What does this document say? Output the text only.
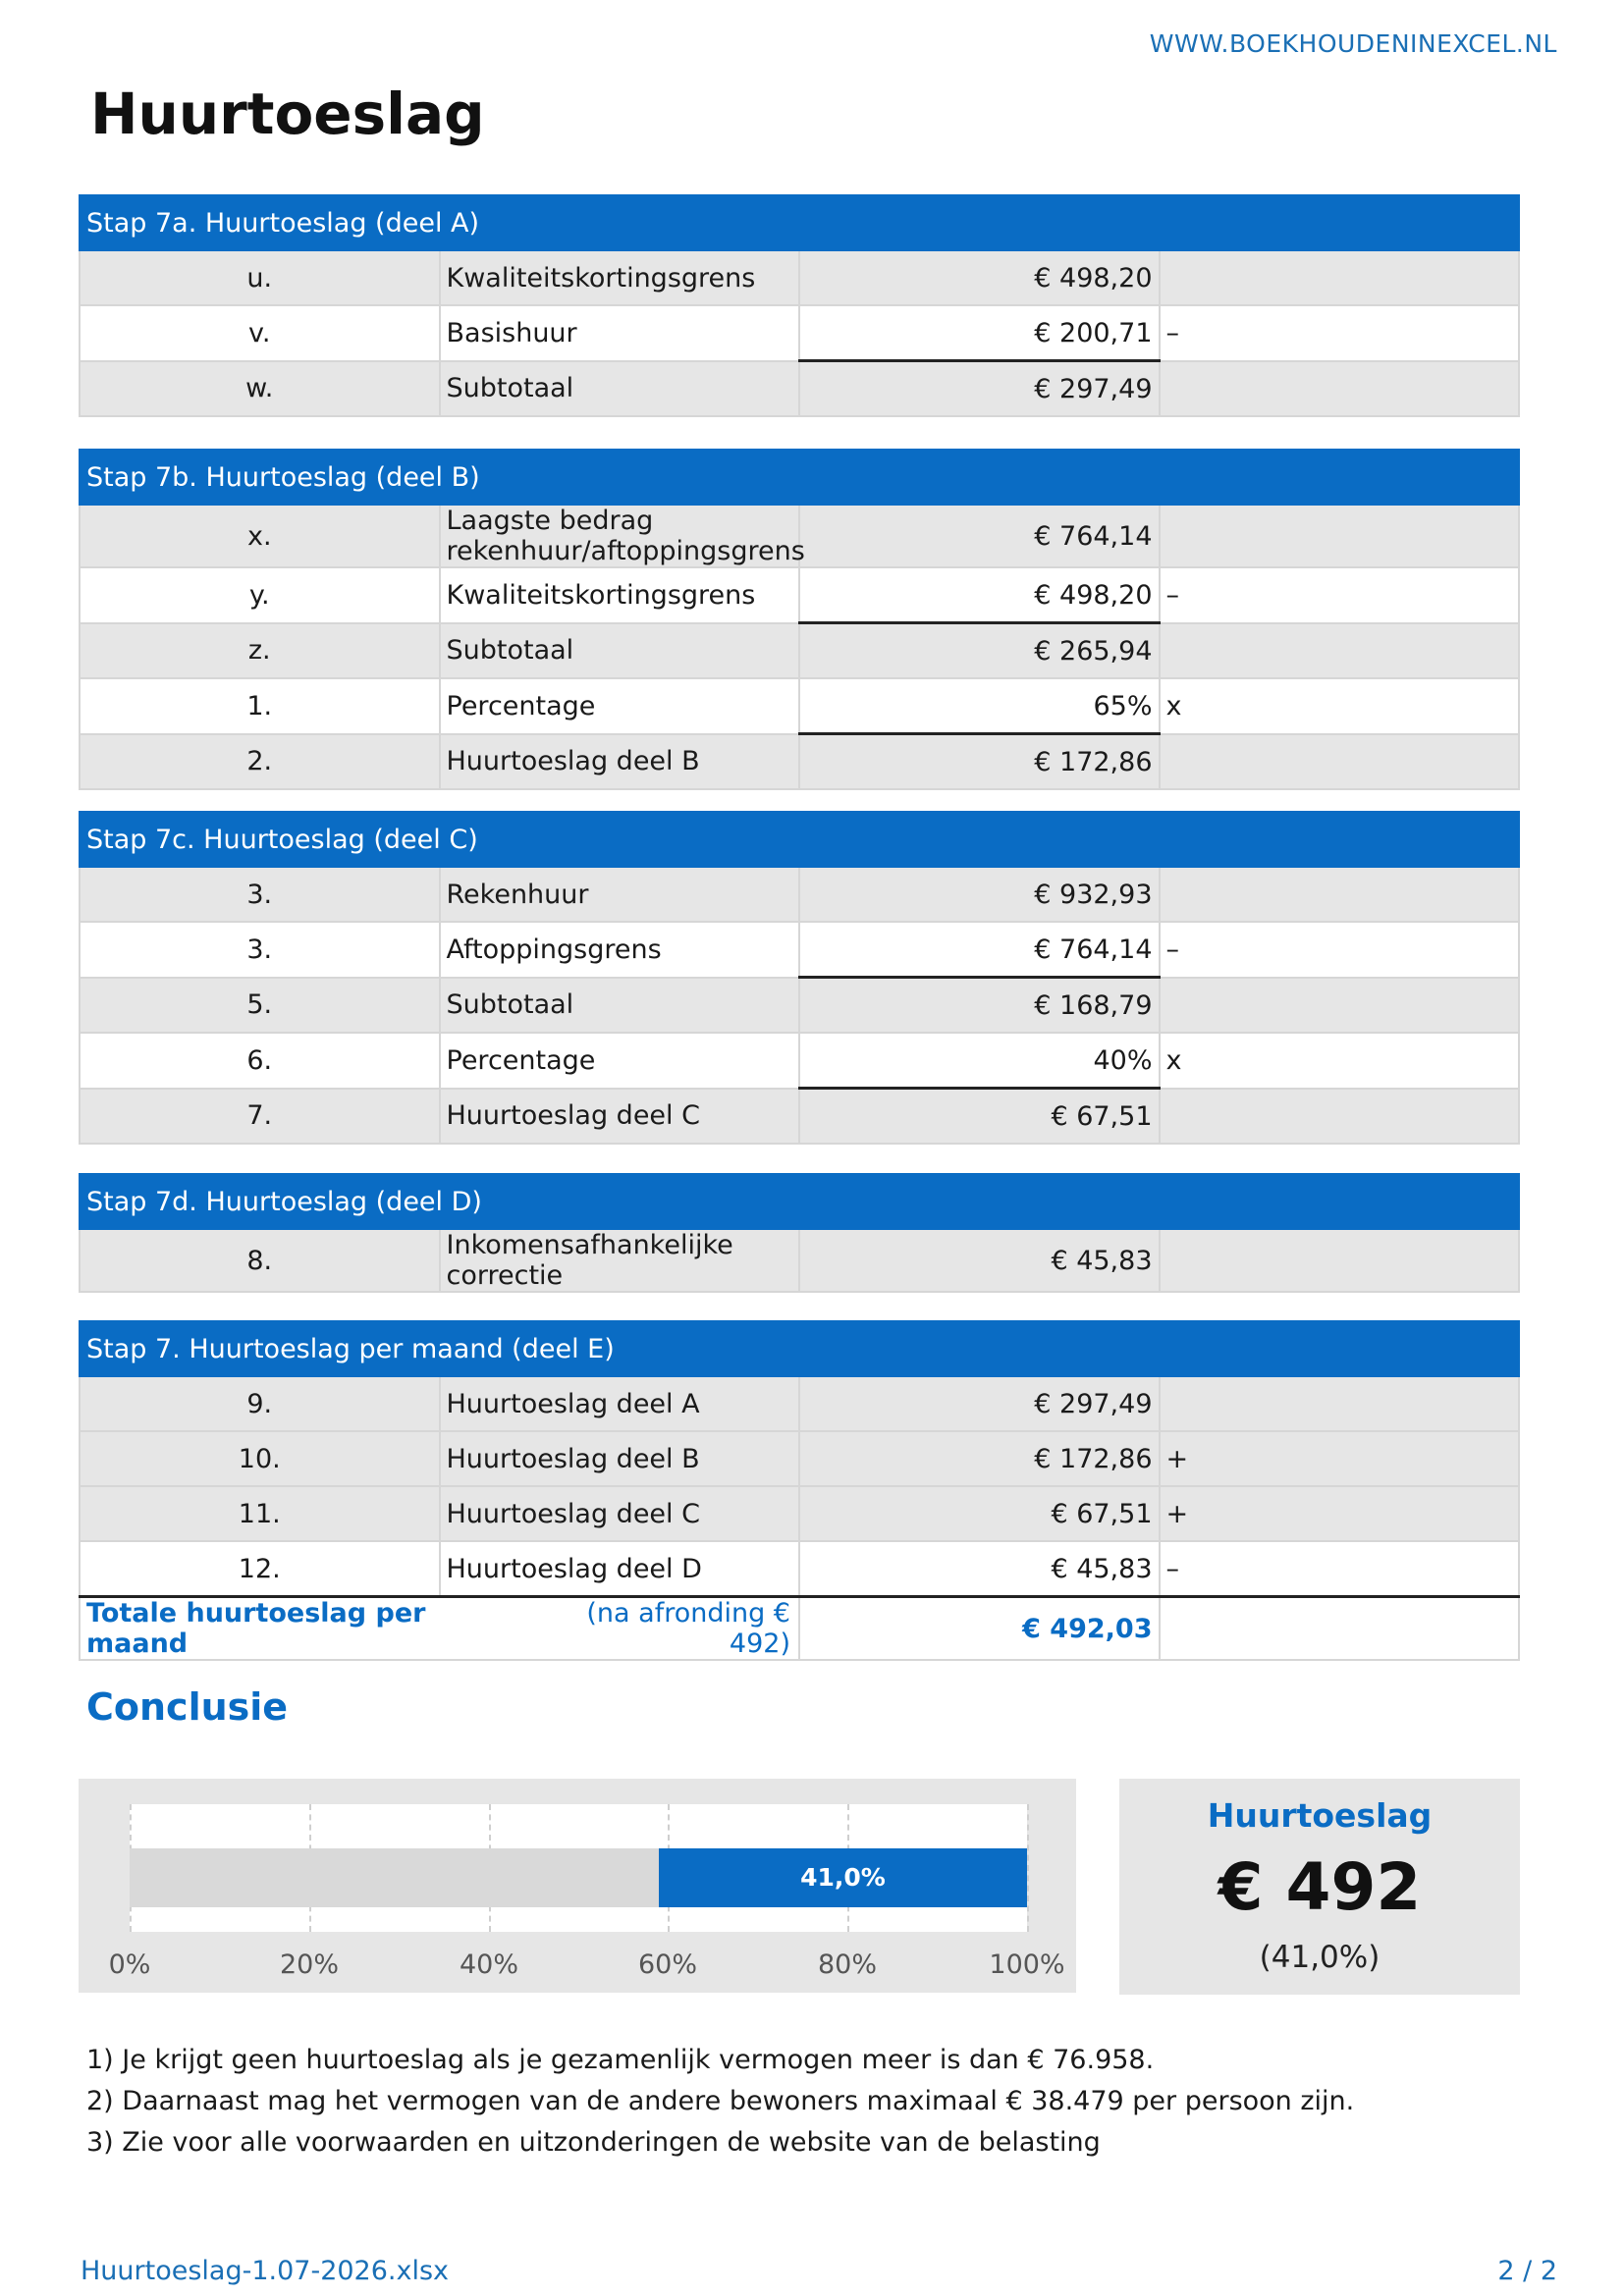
WWW.BOEKHOUDENINEXCEL.NL
Huurtoeslag
Stap 7a. Huurtoeslag (deel A)			
u.	Kwaliteitskortingsgrens	€ 498,20	
v.	Basishuur	€ 200,71	–
w.	Subtotaal	€ 297,49	
Stap 7b. Huurtoeslag (deel B)			
x.	Laagste bedrag rekenhuur/aftoppingsgrens	€ 764,14	
y.	Kwaliteitskortingsgrens	€ 498,20	–
z.	Subtotaal	€ 265,94	
1.	Percentage	65%	x
2.	Huurtoeslag deel B	€ 172,86	
Stap 7c. Huurtoeslag (deel C)			
3.	Rekenhuur	€ 932,93	
3.	Aftoppingsgrens	€ 764,14	–
5.	Subtotaal	€ 168,79	
6.	Percentage	40%	x
7.	Huurtoeslag deel C	€ 67,51	
Stap 7d. Huurtoeslag (deel D)
8.	Inkomensafhankelijke correctie	€ 45,83	
Stap 7. Huurtoeslag per maand (deel E)			
9.	Huurtoeslag deel A	€ 297,49	
10.	Huurtoeslag deel B	€ 172,86	+
11.	Huurtoeslag deel C	€ 67,51	+
12.	Huurtoeslag deel D	€ 45,83	–

Totale huurtoeslag per maand
(na afronding € 492)		€ 492,03	
Conclusie
41,0%
0%	20%	40%	60%	80%	100%
Huurtoeslag
€ 492
(41,0%)
1) Je krijgt geen huurtoeslag als je gezamenlijk vermogen meer is dan € 76.958.
2) Daarnaast mag het vermogen van de andere bewoners maximaal € 38.479 per persoon zijn.
3) Zie voor alle voorwaarden en uitzonderingen de website van de belasting
Huurtoeslag-1.07-2026.xlsx	2 / 2
